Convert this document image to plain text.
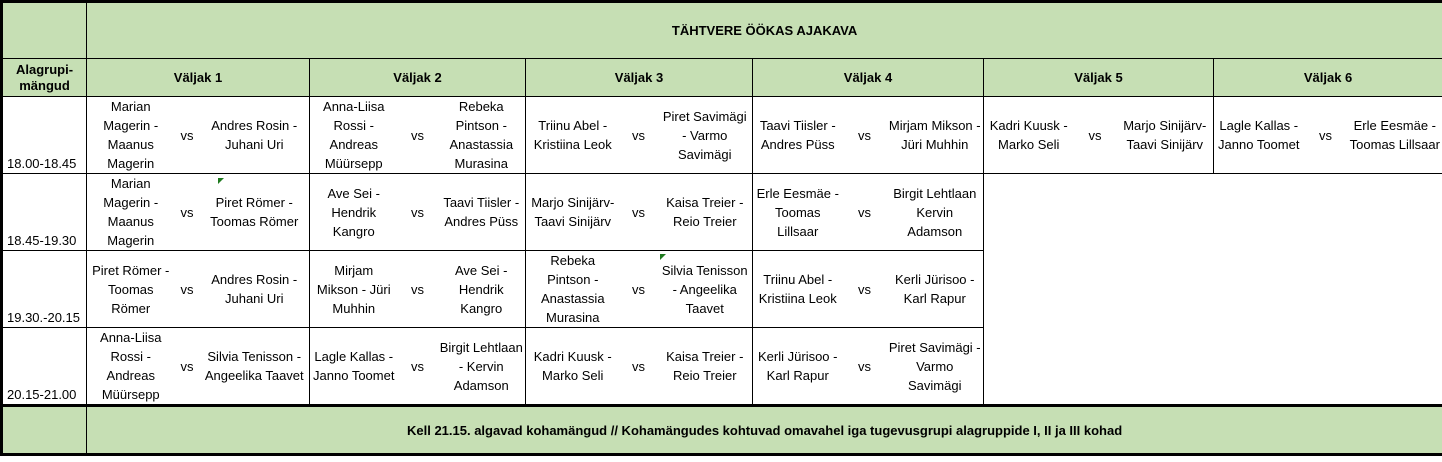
	TÄHTVERE ÖÖKAS AJAKAVA																	
Alagrupi-
mängud	Väljak 1			Väljak 2			Väljak 3			Väljak 4			Väljak 5			Väljak 6		
18.00-18.45	Marian Magerin - Maanus Magerin	vs	Andres Rosin - Juhani Uri	Anna-Liisa Rossi - Andreas Müürsepp	vs	Rebeka Pintson - Anastassia Murasina	Triinu Abel - Kristiina Leok	vs	Piret Savimägi - Varmo Savimägi	Taavi Tiisler - Andres Püss	vs	Mirjam Mikson - Jüri Muhhin	Kadri Kuusk - Marko Seli	vs	Marjo Sinijärv- Taavi Sinijärv	Lagle Kallas - Janno Toomet	vs	Erle Eesmäe - Toomas Lillsaar
18.45-19.30	Marian Magerin - Maanus Magerin	vs	Piret Römer - Toomas Römer	Ave Sei - Hendrik Kangro	vs	Taavi Tiisler - Andres Püss	Marjo Sinijärv- Taavi Sinijärv	vs	Kaisa Treier - Reio Treier	Erle Eesmäe - Toomas Lillsaar	vs	Birgit Lehtlaan Kervin Adamson						
19.30.-20.15	Piret Römer - Toomas Römer	vs	Andres Rosin - Juhani Uri	Mirjam Mikson - Jüri Muhhin	vs	Ave Sei - Hendrik Kangro	Rebeka Pintson - Anastassia Murasina	vs	Silvia Tenisson - Angeelika Taavet	Triinu Abel - Kristiina Leok	vs	Kerli Jürisoo - Karl Rapur						
20.15-21.00	Anna-Liisa Rossi - Andreas Müürsepp	vs	Silvia Tenisson - Angeelika Taavet	Lagle Kallas - Janno Toomet	vs	Birgit Lehtlaan - Kervin Adamson	Kadri Kuusk - Marko Seli	vs	Kaisa Treier - Reio Treier	Kerli Jürisoo - Karl Rapur	vs	Piret Savimägi - Varmo Savimägi						
	Kell 21.15. algavad kohamängud // Kohamängudes kohtuvad omavahel iga tugevusgrupi alagruppide I, II ja III kohad																	
